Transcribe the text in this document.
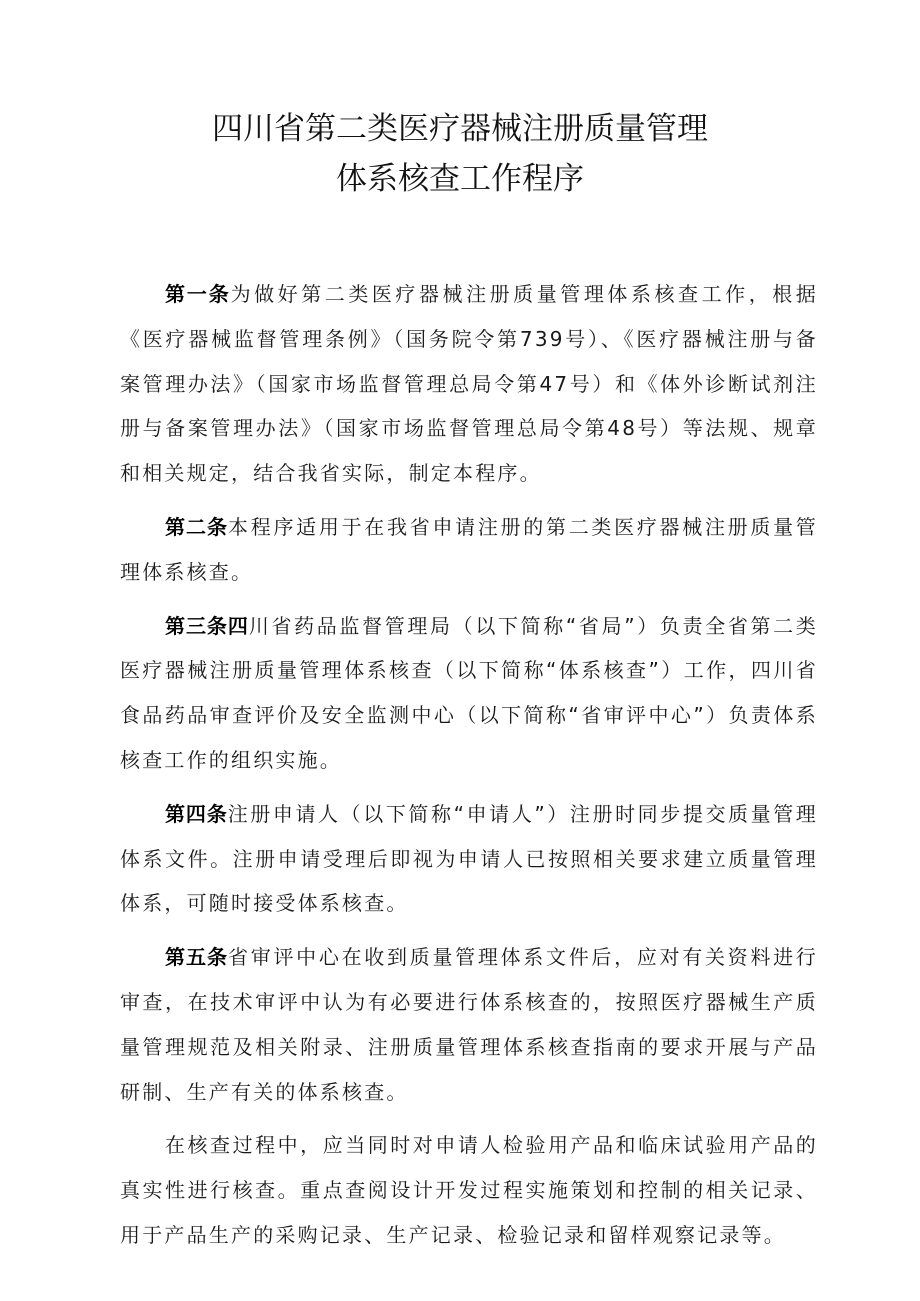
四川省第二类医疗器械注册质量管理
体系核查工作程序

第一条为做好第二类医疗器械注册质量管理体系核查工作，根据《医疗器械监督管理条例》（国务院令第739号）、《医疗器械注册与备案管理办法》（国家市场监督管理总局令第47号）和《体外诊断试剂注册与备案管理办法》（国家市场监督管理总局令第48号）等法规、规章和相关规定，结合我省实际，制定本程序。

第二条本程序适用于在我省申请注册的第二类医疗器械注册质量管理体系核查。

第三条四川省药品监督管理局（以下简称“省局”）负责全省第二类医疗器械注册质量管理体系核查（以下简称“体系核查”）工作，四川省食品药品审查评价及安全监测中心（以下简称“省审评中心”）负责体系核查工作的组织实施。

第四条注册申请人（以下简称“申请人”）注册时同步提交质量管理体系文件。注册申请受理后即视为申请人已按照相关要求建立质量管理体系，可随时接受体系核查。

第五条省审评中心在收到质量管理体系文件后，应对有关资料进行审查，在技术审评中认为有必要进行体系核查的，按照医疗器械生产质量管理规范及相关附录、注册质量管理体系核查指南的要求开展与产品研制、生产有关的体系核查。

在核查过程中，应当同时对申请人检验用产品和临床试验用产品的真实性进行核查。重点查阅设计开发过程实施策划和控制的相关记录、用于产品生产的采购记录、生产记录、检验记录和留样观察记录等。
